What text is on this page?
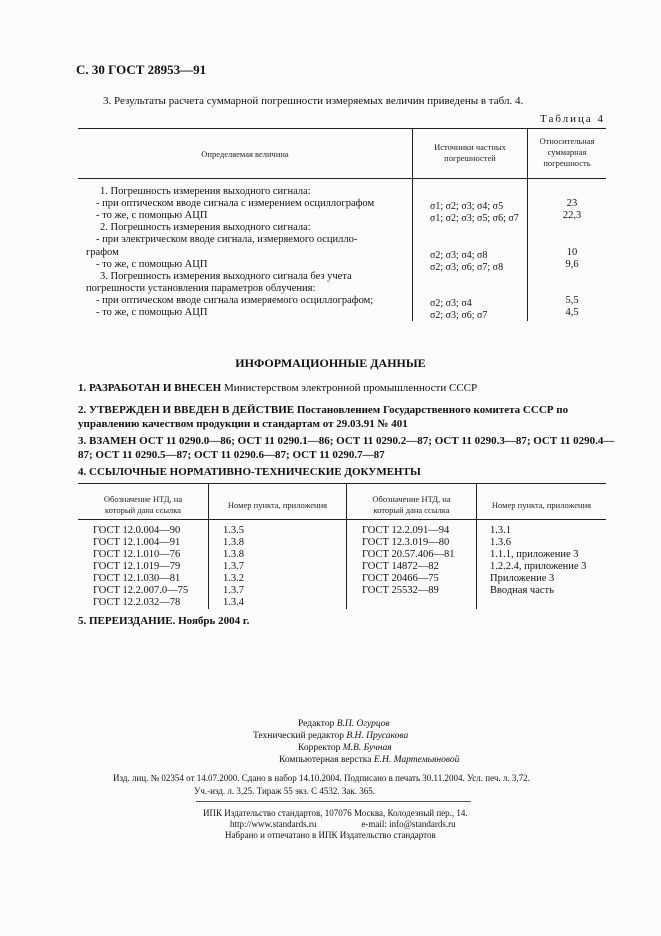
С. 30 ГОСТ 28953—91
3. Результаты расчета суммарной погрешности измеряемых величин приведены в табл. 4.
Таблица 4
Определяемая величина
Источники частных
погрешностей
Относительная
суммарная
погрешность
1. Погрешность измерения выходного сигнала:
- при оптическом вводе сигнала с измерением осциллографом	σ1; σ2; σ3; σ4; σ5	23
- то же, с помощью АЦП	σ1; σ2; σ3; σ5; σ6; σ7	22,3
2. Погрешность измерения выходного сигнала:
- при электрическом вводе сигнала, измеряемого осцилло-
графом	σ2; σ3; σ4; σ8	10
- то же, с помощью АЦП	σ2; σ3; σ6; σ7; σ8	9,6
3. Погрешность измерения выходного сигнала без учета
погрешности установления параметров облучения:
- при оптическом вводе сигнала измеряемого осциллографом;	σ2; σ3; σ4	5,5
- то же, с помощью АЦП	σ2; σ3; σ6; σ7	4,5
ИНФОРМАЦИОННЫЕ ДАННЫЕ
1. РАЗРАБОТАН И ВНЕСЕН Министерством электронной промышленности СССР
2. УТВЕРЖДЕН И ВВЕДЕН В ДЕЙСТВИЕ Постановлением Государственного комитета СССР по управлению качеством продукции и стандартам от 29.03.91 № 401
3. ВЗАМЕН ОСТ 11 0290.0—86; ОСТ 11 0290.1—86; ОСТ 11 0290.2—87; ОСТ 11 0290.3—87; ОСТ 11 0290.4—87; ОСТ 11 0290.5—87; ОСТ 11 0290.6—87; ОСТ 11 0290.7—87
4. ССЫЛОЧНЫЕ НОРМАТИВНО-ТЕХНИЧЕСКИЕ ДОКУМЕНТЫ
Обозначение НТД, на
который дана ссылка	Номер пункта, приложения
Обозначение НТД, на
который дана ссылка	Номер пункта, приложения
ГОСТ 12.0.004—90	1.3.5
ГОСТ 12.1.004—91	1.3.8
ГОСТ 12.1.010—76	1.3.8
ГОСТ 12.1.019—79	1.3.7
ГОСТ 12.1.030—81	1.3.2
ГОСТ 12.2.007.0—75	1.3.7
ГОСТ 12.2.032—78	1.3.4
ГОСТ 12.2.091—94	1.3.1
ГОСТ 12.3.019—80	1.3.6
ГОСТ 20.57.406—81	1.1.1, приложение 3
ГОСТ 14872—82	1.2.2.4, приложение 3
ГОСТ 20466—75	Приложение 3
ГОСТ 25532—89	Вводная часть
5. ПЕРЕИЗДАНИЕ. Ноябрь 2004 г.
Редактор В.П. Огурцов
Технический редактор В.Н. Прусакова
Корректор М.В. Бучная
Компьютерная верстка Е.Н. Мартемьяновой
Изд. лиц. № 02354 от 14.07.2000. Сдано в набор 14.10.2004. Подписано в печать 30.11.2004. Усл. печ. л. 3,72.
Уч.-изд. л. 3,25. Тираж 55 экз. С 4532. Зак. 365.
ИПК Издательство стандартов, 107076 Москва, Колодезный пер., 14.
http://www.standards.ru                    e-mail: info@standards.ru
Набрано и отпечатано в ИПК Издательство стандартов
